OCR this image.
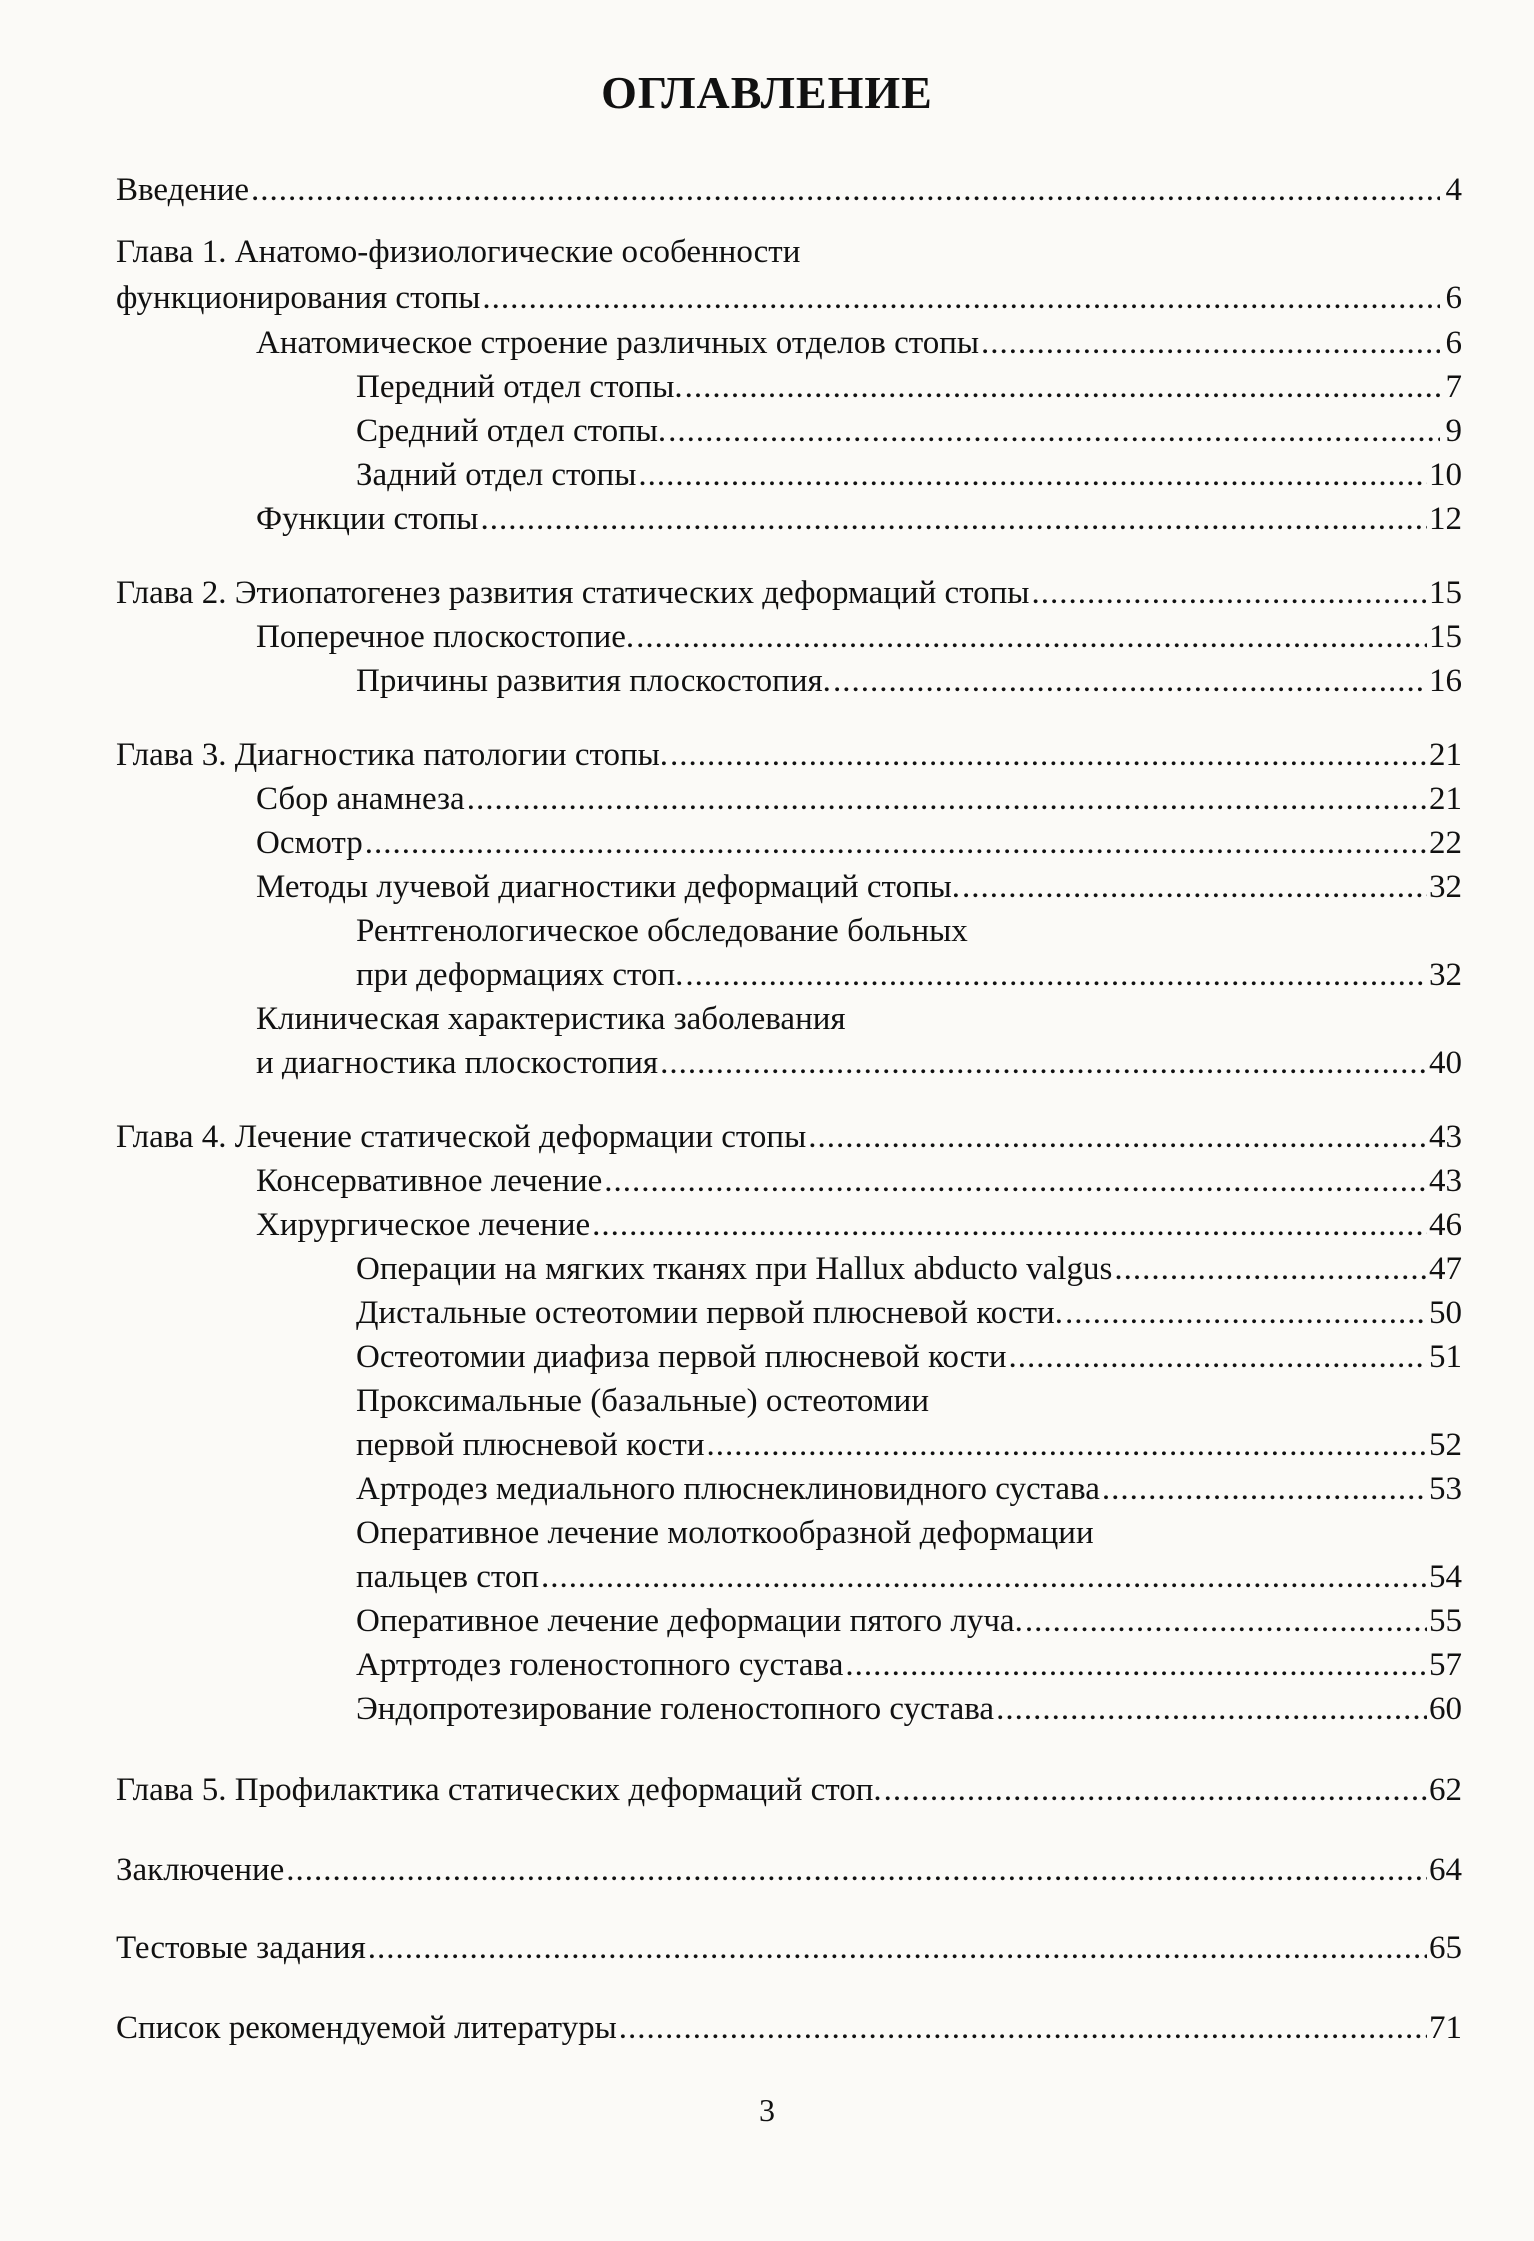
ОГЛАВЛЕНИЕ
Введение .....	4
Глава 1. Анатомо-физиологические особенности
функционирования стопы .....	6
Анатомическое строение различных отделов стопы .....	6
Передний отдел стопы. .....	7
Средний отдел стопы. .....	9
Задний отдел стопы .....	10
Функции стопы .....	12
Глава 2. Этиопатогенез развития статических деформаций стопы .....	15
Поперечное плоскостопие. .....	15
Причины развития плоскостопия. .....	16
Глава 3. Диагностика патологии стопы. .....	21
Сбор анамнеза .....	21
Осмотр .....	22
Методы лучевой диагностики деформаций стопы. .....	32
Рентгенологическое обследование больных
при деформациях стоп. .....	32
Клиническая характеристика заболевания
и диагностика плоскостопия .....	40
Глава 4. Лечение статической деформации стопы .....	43
Консервативное лечение .....	43
Хирургическое лечение .....	46
Операции на мягких тканях при Hallux abducto valgus .....	47
Дистальные остеотомии первой плюсневой кости. .....	50
Остеотомии диафиза первой плюсневой кости .....	51
Проксимальные (базальные) остеотомии
первой плюсневой кости .....	52
Артродез медиального плюснеклиновидного сустава .....	53
Оперативное лечение молоткообразной деформации
пальцев стоп .....	54
Оперативное лечение деформации пятого луча. .....	55
Артртодез голеностопного сустава .....	57
Эндопротезирование голеностопного сустава .....	60
Глава 5. Профилактика статических деформаций стоп. .....	62
Заключение .....	64
Тестовые задания .....	65
Список рекомендуемой литературы .....	71
3
